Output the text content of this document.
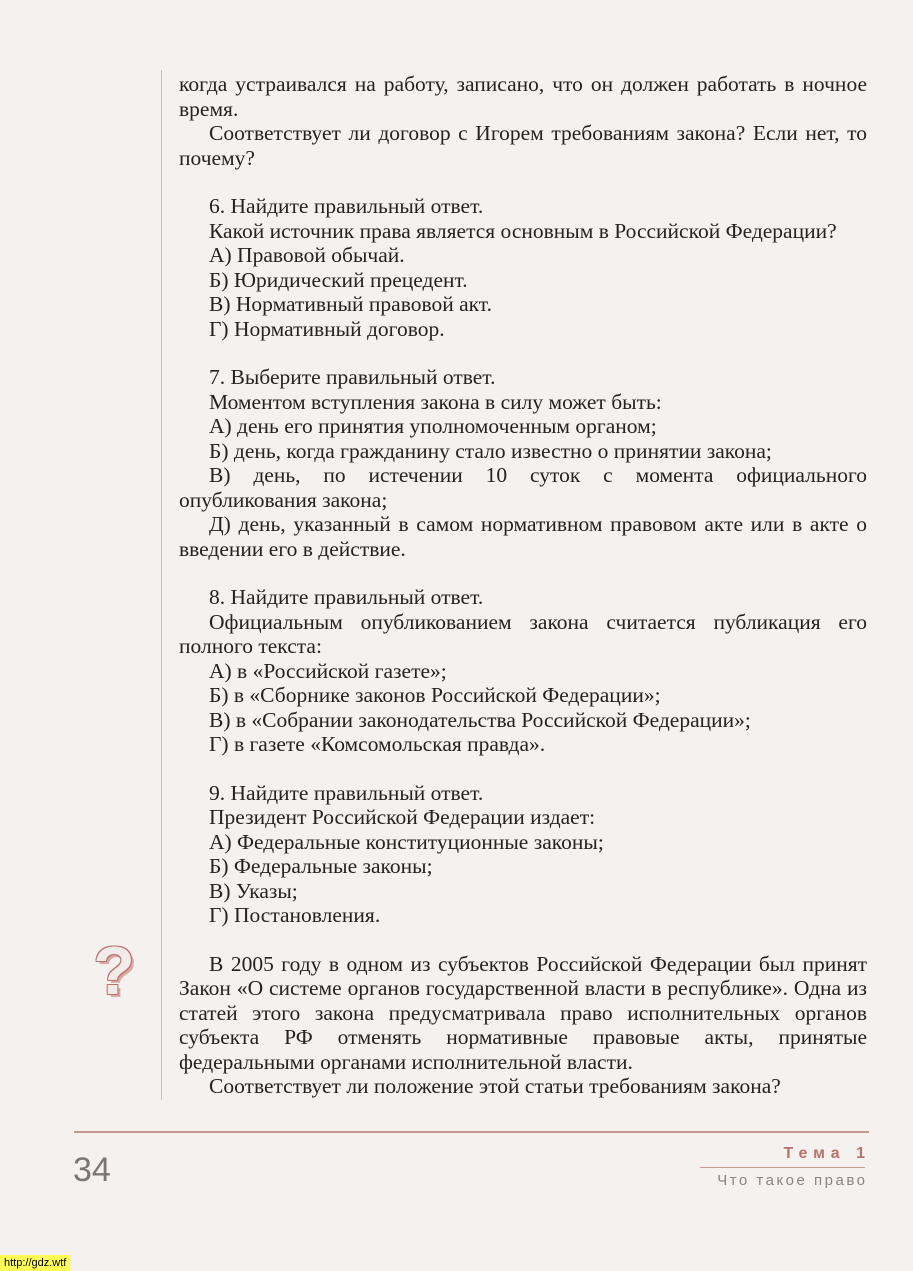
когда устраивался на работу, записано, что он должен работать в ночное время.

Соответствует ли договор с Игорем требованиям закона? Если нет, то почему?

6. Найдите правильный ответ.

Какой источник права является основным в Российской Федерации?

А) Правовой обычай.

Б) Юридический прецедент.

В) Нормативный правовой акт.

Г) Нормативный договор.

7. Выберите правильный ответ.

Моментом вступления закона в силу может быть:

А) день его принятия уполномоченным органом;

Б) день, когда гражданину стало известно о принятии закона;

В) день, по истечении 10 суток с момента официального опубликования закона;

Д) день, указанный в самом нормативном правовом акте или в акте о введении его в действие.

8. Найдите правильный ответ.

Официальным опубликованием закона считается публикация его полного текста:

А) в «Российской газете»;

Б) в «Сборнике законов Российской Федерации»;

В) в «Собрании законодательства Российской Федерации»;

Г) в газете «Комсомольская правда».

9. Найдите правильный ответ.

Президент Российской Федерации издает:

А) Федеральные конституционные законы;

Б) Федеральные законы;

В) Указы;

Г) Постановления.

В 2005 году в одном из субъектов Российской Федерации был принят Закон «О системе органов государственной власти в республике». Одна из статей этого закона предусматривала право исполнительных органов субъекта РФ отменять нормативные правовые акты, принятые федеральными органами исполнительной власти.

Соответствует ли положение этой статьи требованиям закона?

?
34	Тема 1
Что такое право
http://gdz.wtf
